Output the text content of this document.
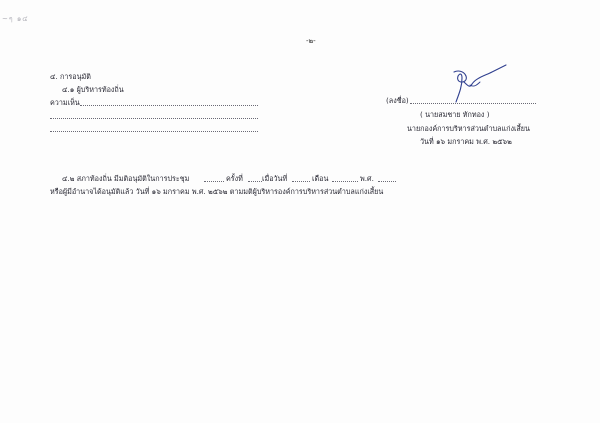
~ๆ ๑๔
-๒-
๔. การอนุมัติ
๔.๑ ผู้บริหารท้องถิ่น
ความเห็น	(ลงชื่อ)
( นายสมชาย ทักทอง )
นายกองค์การบริหารส่วนตำบลแก่งเสี้ยน
วันที่ ๑๖ มกราคม พ.ศ. ๒๕๖๒
๔.๒ สภาท้องถิ่น มีมติอนุมัติในการประชุม	ครั้งที่	เมื่อวันที่	เดือน	พ.ศ.
หรือผู้มีอำนาจได้อนุมัติแล้ว วันที่ ๑๖ มกราคม พ.ศ. ๒๕๖๒ ตามมติผู้บริหารองค์การบริหารส่วนตำบลแก่งเสี้ยน
